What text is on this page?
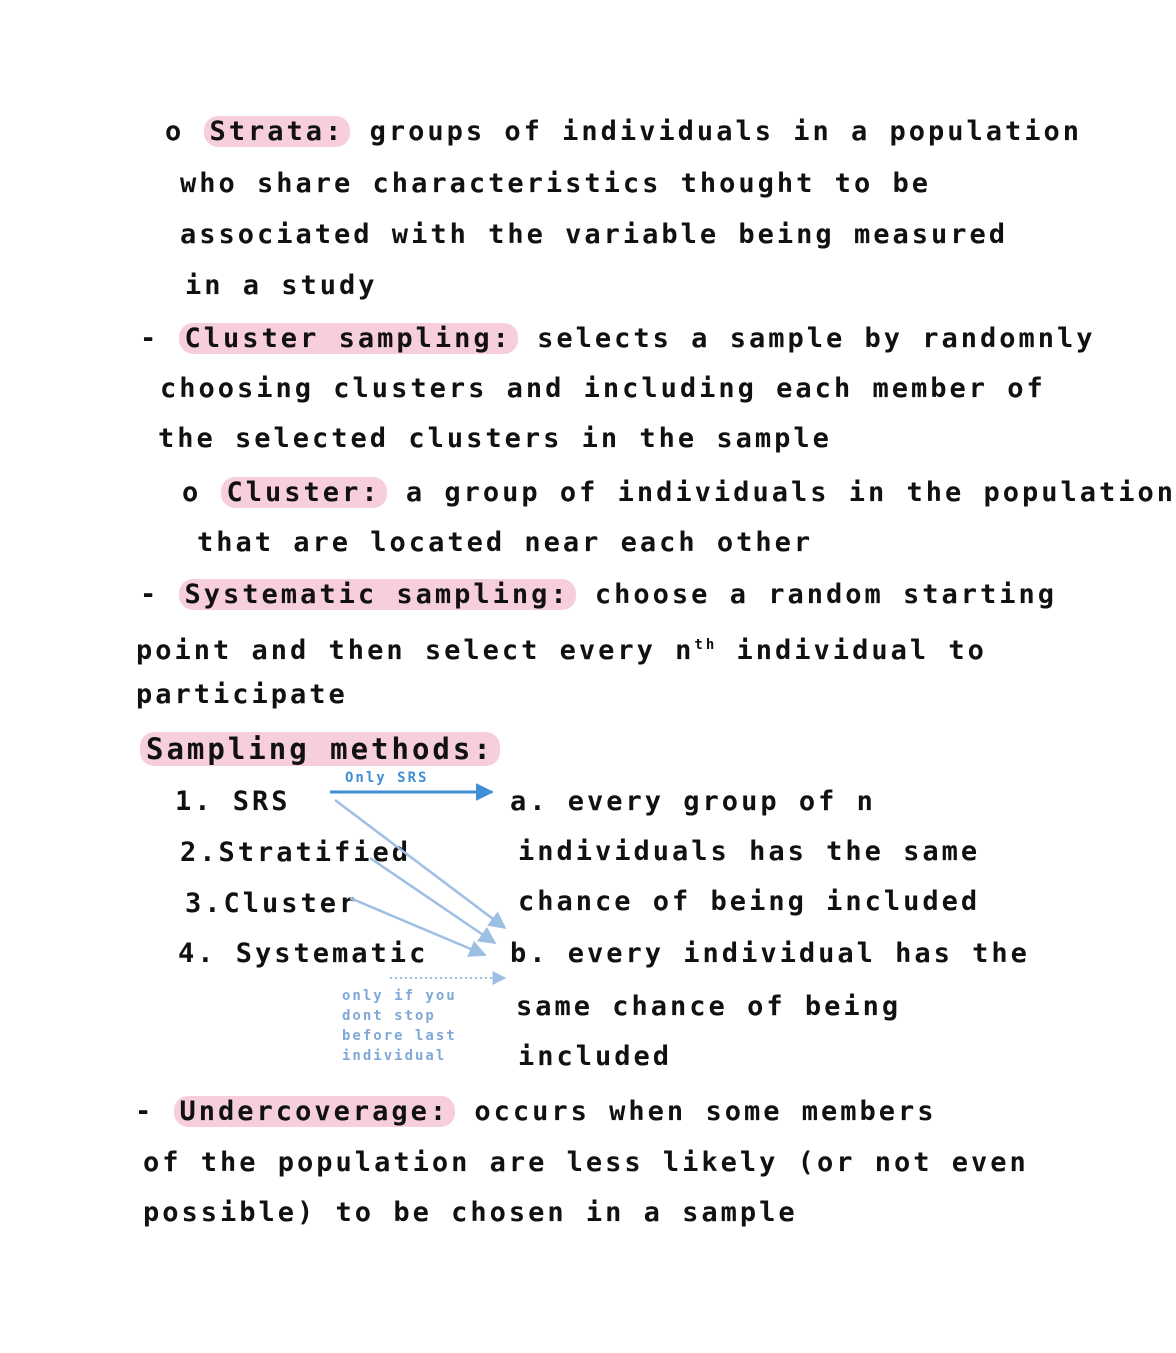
o Strata: groups of individuals in a population
who share characteristics thought to be
associated with the variable being measured
in a study
- Cluster sampling: selects a sample by randomnly
choosing clusters and including each member of
the selected clusters in the sample
o Cluster: a group of individuals in the population
that are located near each other
- Systematic sampling: choose a random starting
point and then select every $n^{th}$ individual to
participate
Sampling methods:
1. SRS
2.Stratified
3.Cluster
4. Systematic
Only SRS
only if you
dont stop
before last
individual
a. every group of n
individuals has the same
chance of being included
b. every individual has the
same chance of being
included
- Undercoverage: occurs when some members
of the population are less likely (or not even
possible) to be chosen in a sample
